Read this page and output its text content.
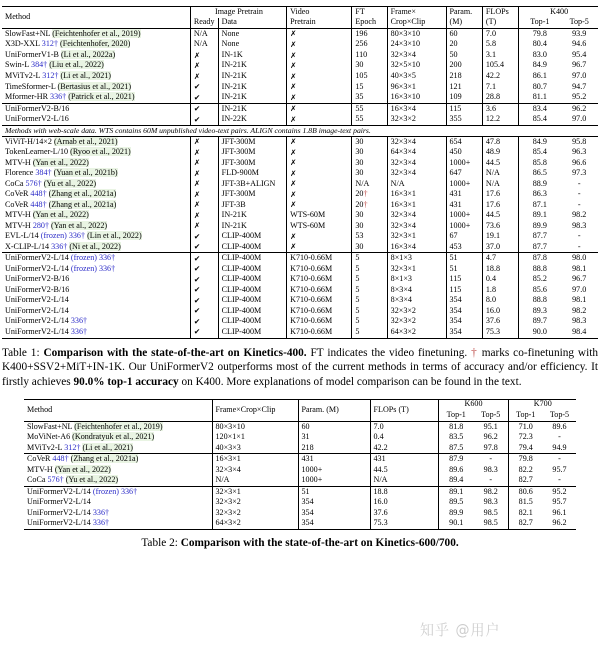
Method	Image Pretrain		Video	FT	Frame×	Param.	FLOPs	K400	
	Ready	Data	Pretrain	Epoch	Crop×Clip	(M)	(T)	Top-1	Top-5
SlowFast+NL (Feichtenhofer et al., 2019)	N/A	None	✗	196	80×3×10	60	7.0	79.8	93.9
X3D-XXL 312† (Feichtenhofer, 2020)	N/A	None	✗	256	24×3×10	20	5.8	80.4	94.6
UniFormerV1-B (Li et al., 2022a)	✗	IN-1K	✗	110	32×3×4	50	3.1	83.0	95.4
Swin-L 384† (Liu et al., 2022)	✗	IN-21K	✗	30	32×5×10	200	105.4	84.9	96.7
MViTv2-L 312† (Li et al., 2021)	✗	IN-21K	✗	105	40×3×5	218	42.2	86.1	97.0
TimeSformer-L (Bertasius et al., 2021)	✔	IN-21K	✗	15	96×3×1	121	7.1	80.7	94.7
Mformer-HR 336† (Patrick et al., 2021)	✔	IN-21K	✗	35	16×3×10	109	28.8	81.1	95.2
UniFormerV2-B/16	✔	IN-21K	✗	55	16×3×4	115	3.6	83.4	96.2
UniFormerV2-L/16	✔	IN-22K	✗	55	32×3×2	355	12.2	85.4	97.0
Methods with web-scale data. WTS contains 60M unpublished video-text pairs. ALIGN contains 1.8B image-text pairs.									
ViViT-H/14×2 (Arnab et al., 2021)	✗	JFT-300M	✗	30	32×3×4	654	47.8	84.9	95.8
TokenLearner-L/10 (Ryoo et al., 2021)	✗	JFT-300M	✗	30	64×3×4	450	48.9	85.4	96.3
MTV-H (Yan et al., 2022)	✗	JFT-300M	✗	30	32×3×4	1000+	44.5	85.8	96.6
Florence 384† (Yuan et al., 2021b)	✗	FLD-900M	✗	30	32×3×4	647	N/A	86.5	97.3
CoCa 576† (Yu et al., 2022)	✗	JFT-3B+ALIGN	✗	N/A	N/A	1000+	N/A	88.9	-
CoVeR 448† (Zhang et al., 2021a)	✗	JFT-300M	✗	20†	16×3×1	431	17.6	86.3	-
CoVeR 448† (Zhang et al., 2021a)	✗	JFT-3B	✗	20†	16×3×1	431	17.6	87.1	-
MTV-H (Yan et al., 2022)	✗	IN-21K	WTS-60M	30	32×3×4	1000+	44.5	89.1	98.2
MTV-H 280† (Yan et al., 2022)	✗	IN-21K	WTS-60M	30	32×3×4	1000+	73.6	89.9	98.3
EVL-L/14 (frozen) 336† (Lin et al., 2022)	✔	CLIP-400M	✗	53	32×3×1	67	19.1	87.7	-
X-CLIP-L/14 336† (Ni et al., 2022)	✔	CLIP-400M	✗	30	16×3×4	453	37.0	87.7	-
UniFormerV2-L/14 (frozen) 336†	✔	CLIP-400M	K710-0.66M	5	8×1×3	51	4.7	87.8	98.0
UniFormerV2-L/14 (frozen) 336†	✔	CLIP-400M	K710-0.66M	5	32×3×1	51	18.8	88.8	98.1
UniFormerV2-B/16	✔	CLIP-400M	K710-0.66M	5	8×1×3	115	0.4	85.2	96.7
UniFormerV2-B/16	✔	CLIP-400M	K710-0.66M	5	8×3×4	115	1.8	85.6	97.0
UniFormerV2-L/14	✔	CLIP-400M	K710-0.66M	5	8×3×4	354	8.0	88.8	98.1
UniFormerV2-L/14	✔	CLIP-400M	K710-0.66M	5	32×3×2	354	16.0	89.3	98.2
UniFormerV2-L/14 336†	✔	CLIP-400M	K710-0.66M	5	32×3×2	354	37.6	89.7	98.3
UniFormerV2-L/14 336†	✔	CLIP-400M	K710-0.66M	5	64×3×2	354	75.3	90.0	98.4
Table 1: Comparison with the state-of-the-art on Kinetics-400. FT indicates the video finetuning. † marks co-finetuning with K400+SSV2+MiT+IN-1K. Our UniFormerV2 outperforms most of the current methods in terms of accuracy and/or efficiency. It firstly achieves 90.0% top-1 accuracy on K400. More explanations of model comparison can be found in the text.
Method	Frame×Crop×Clip	Param. (M)	FLOPs (T)	K600		K700	
				Top-1	Top-5	Top-1	Top-5
SlowFast+NL (Feichtenhofer et al., 2019)	80×3×10	60	7.0	81.8	95.1	71.0	89.6
MoViNet-A6 (Kondratyuk et al., 2021)	120×1×1	31	0.4	83.5	96.2	72.3	-
MViTv2-L 312† (Li et al., 2021)	40×3×3	218	42.2	87.5	97.8	79.4	94.9
CoVeR 448† (Zhang et al., 2021a)	16×3×1	431	431	87.9	-	79.8	-
MTV-H (Yan et al., 2022)	32×3×4	1000+	44.5	89.6	98.3	82.2	95.7
CoCa 576† (Yu et al., 2022)	N/A	1000+	N/A	89.4	-	82.7	-
UniFormerV2-L/14 (frozen) 336†	32×3×1	51	18.8	89.1	98.2	80.6	95.2
UniFormerV2-L/14	32×3×2	354	16.0	89.5	98.3	81.5	95.7
UniFormerV2-L/14 336†	32×3×2	354	37.6	89.9	98.5	82.1	96.1
UniFormerV2-L/14 336†	64×3×2	354	75.3	90.1	98.5	82.7	96.2
Table 2: Comparison with the state-of-the-art on Kinetics-600/700.
知乎 @用户
